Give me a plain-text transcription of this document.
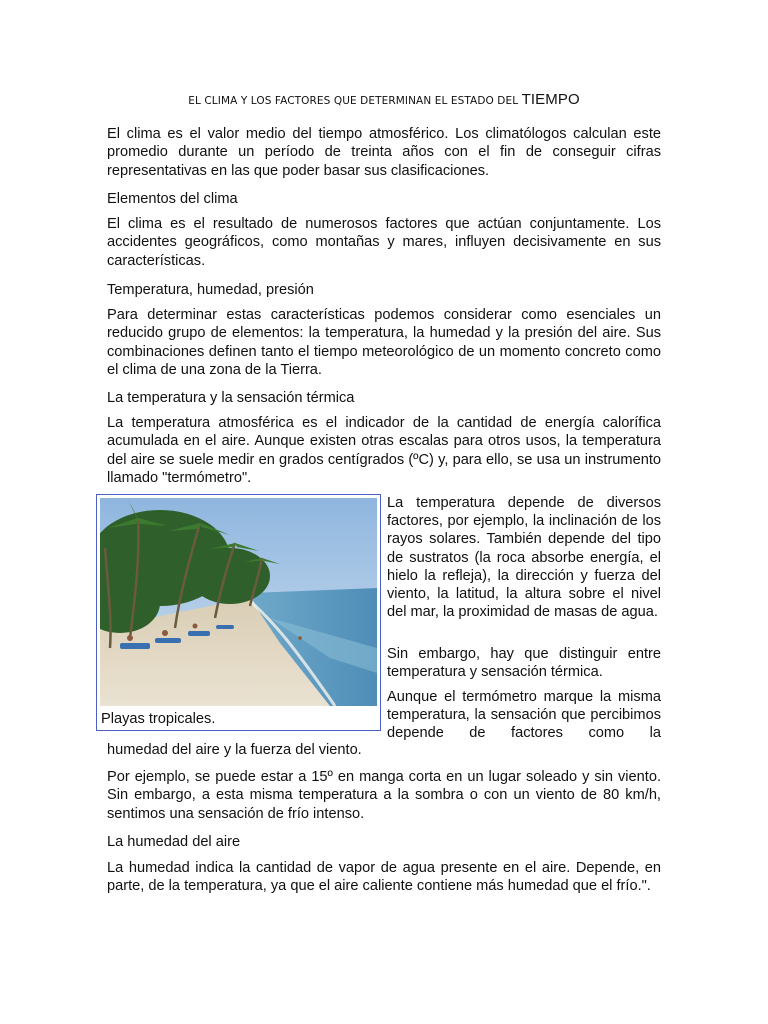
EL CLIMA Y LOS FACTORES QUE DETERMINAN EL ESTADO DEL TIEMPO
El clima es el valor medio del tiempo atmosférico. Los climatólogos calculan este promedio durante un período de treinta años con el fin de conseguir cifras representativas en las que poder basar sus clasificaciones.
Elementos del clima
El clima es el resultado de numerosos factores que actúan conjuntamente. Los accidentes geográficos, como montañas y mares, influyen decisivamente en sus características.
Temperatura, humedad, presión
Para determinar estas características podemos considerar como esenciales un reducido grupo de elementos: la temperatura, la humedad y la presión del aire. Sus combinaciones definen tanto el tiempo meteorológico de un momento concreto como el clima de una zona de la Tierra.
La temperatura y la sensación térmica
La temperatura atmosférica es el indicador de la cantidad de energía calorífica acumulada en el aire. Aunque existen otras escalas para otros usos, la temperatura del aire se suele medir en grados centígrados (ºC) y, para ello, se usa un instrumento llamado "termómetro".
La temperatura depende de diversos factores, por ejemplo, la inclinación de los rayos solares. También depende del tipo de sustratos (la roca absorbe energía, el hielo la refleja), la dirección y fuerza del viento, la latitud, la altura sobre el nivel del mar, la proximidad de masas de agua.
Sin embargo, hay que distinguir entre temperatura y sensación térmica.
Aunque el termómetro marque la misma temperatura, la sensación que percibimos depende de factores como la
humedad del aire y la fuerza del viento.
Por ejemplo, se puede estar a 15º en manga corta en un lugar soleado y sin viento. Sin embargo, a esta misma temperatura a la sombra o con un viento de 80 km/h, sentimos una sensación de frío intenso.
La humedad del aire
La humedad indica la cantidad de vapor de agua presente en el aire. Depende, en parte, de la temperatura, ya que el aire caliente contiene más humedad que el frío.".
Playas tropicales.
